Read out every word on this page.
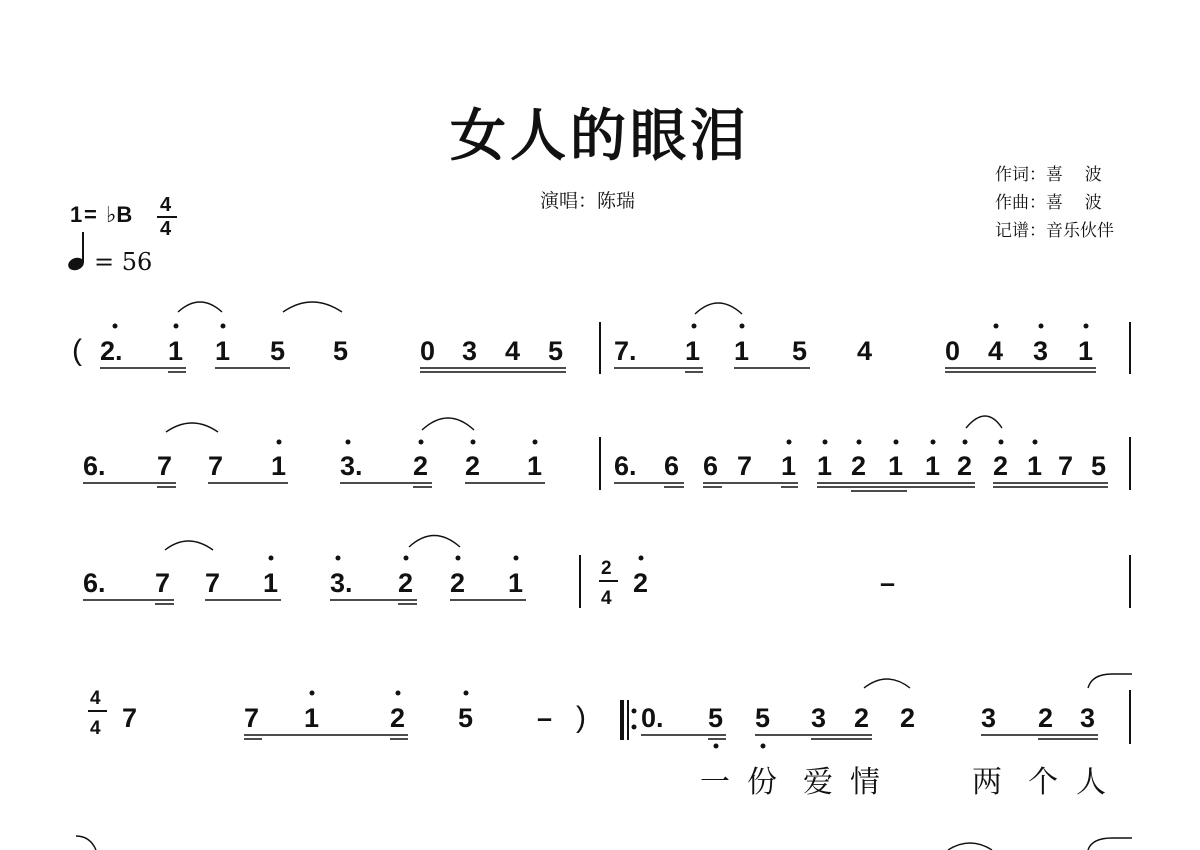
女人的眼泪
演唱：陈瑞
作词：喜　 波
作曲：喜　 波
记谱：音乐伙伴
1 = ♭B 4
4
= 56
( 2. 1 1 5 5	0 3 4 5 7. 1 1 5 4	0 4 3 1
6. 7 7 1 3. 2 2 1	6. 6 6 7 1 1 2 1 1 2 2 1 7 5
6. 7 7 1 3. 2 2 1	2
4
2	–
4
4 7	7 1	2 5 – ) 0. 5 5 3 2 2 3 2 3
一 份 爱 情	两 个 人
